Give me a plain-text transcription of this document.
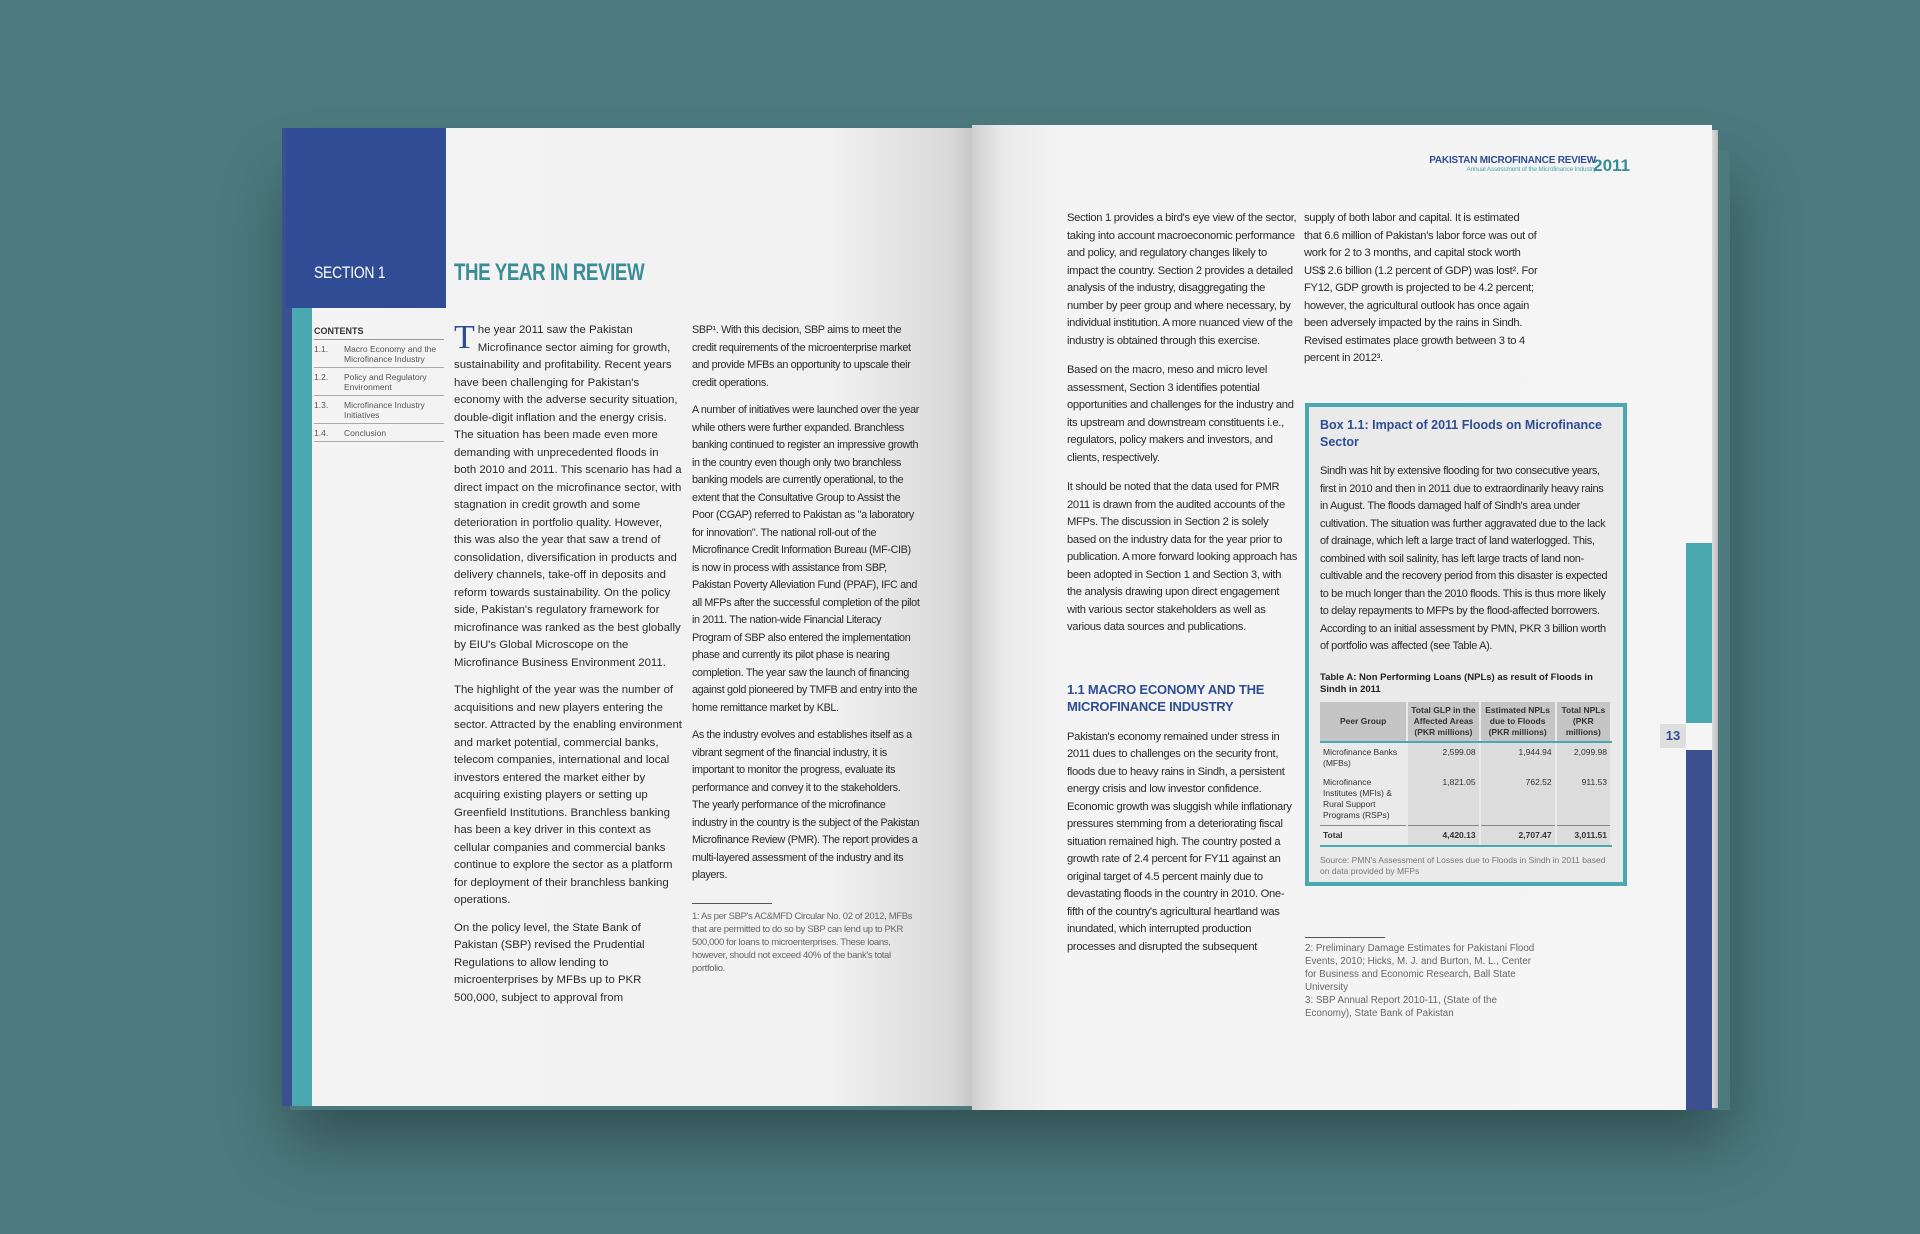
SECTION 1	THE YEAR IN REVIEW
CONTENTS
1.1.	Macro Economy and the Microfinance Industry
1.2.	Policy and Regulatory Environment
1.3.	Microfinance Industry Initiatives
1.4.	Conclusion

The year 2011 saw the Pakistan Microfinance sector aiming for growth, sustainability and profitability. Recent years have been challenging for Pakistan's economy with the adverse security situation, double-digit inflation and the energy crisis. The situation has been made even more demanding with unprecedented floods in both 2010 and 2011. This scenario has had a direct impact on the microfinance sector, with stagnation in credit growth and some deterioration in portfolio quality. However, this was also the year that saw a trend of consolidation, diversification in products and delivery channels, take-off in deposits and reform towards sustainability. On the policy side, Pakistan's regulatory framework for microfinance was ranked as the best globally by EIU's Global Microscope on the Microfinance Business Environment 2011.

The highlight of the year was the number of acquisitions and new players entering the sector. Attracted by the enabling environment and market potential, commercial banks, telecom companies, international and local investors entered the market either by acquiring existing players or setting up Greenfield Institutions. Branchless banking has been a key driver in this context as cellular companies and commercial banks continue to explore the sector as a platform for deployment of their branchless banking operations.

On the policy level, the State Bank of Pakistan (SBP) revised the Prudential Regulations to allow lending to microenterprises by MFBs up to PKR 500,000, subject to approval from

SBP¹. With this decision, SBP aims to meet the credit requirements of the microenterprise market and provide MFBs an opportunity to upscale their credit operations.

A number of initiatives were launched over the year while others were further expanded. Branchless banking continued to register an impressive growth in the country even though only two branchless banking models are currently operational, to the extent that the Consultative Group to Assist the Poor (CGAP) referred to Pakistan as "a laboratory for innovation". The national roll-out of the Microfinance Credit Information Bureau (MF-CIB) is now in process with assistance from SBP, Pakistan Poverty Alleviation Fund (PPAF), IFC and all MFPs after the successful completion of the pilot in 2011. The nation-wide Financial Literacy Program of SBP also entered the implementation phase and currently its pilot phase is nearing completion. The year saw the launch of financing against gold pioneered by TMFB and entry into the home remittance market by KBL.

As the industry evolves and establishes itself as a vibrant segment of the financial industry, it is important to monitor the progress, evaluate its performance and convey it to the stakeholders. The yearly performance of the microfinance industry in the country is the subject of the Pakistan Microfinance Review (PMR). The report provides a multi-layered assessment of the industry and its players.

1: As per SBP's AC&MFD Circular No. 02 of 2012, MFBs that are permitted to do so by SBP can lend up to PKR 500,000 for loans to microenterprises. These loans, however, should not exceed 40% of the bank's total portfolio.
PAKISTAN MICROFINANCE REVIEW
Annual Assessment of the Microfinance Industry
2011

Section 1 provides a bird's eye view of the sector, taking into account macroeconomic performance and policy, and regulatory changes likely to impact the country. Section 2 provides a detailed analysis of the industry, disaggregating the number by peer group and where necessary, by individual institution. A more nuanced view of the industry is obtained through this exercise.

Based on the macro, meso and micro level assessment, Section 3 identifies potential opportunities and challenges for the industry and its upstream and downstream constituents i.e., regulators, policy makers and investors, and clients, respectively.

It should be noted that the data used for PMR 2011 is drawn from the audited accounts of the MFPs. The discussion in Section 2 is solely based on the industry data for the year prior to publication. A more forward looking approach has been adopted in Section 1 and Section 3, with the analysis drawing upon direct engagement with various sector stakeholders as well as various data sources and publications.

1.1 MACRO ECONOMY AND THE MICROFINANCE INDUSTRY

Pakistan's economy remained under stress in 2011 dues to challenges on the security front, floods due to heavy rains in Sindh, a persistent energy crisis and low investor confidence. Economic growth was sluggish while inflationary pressures stemming from a deteriorating fiscal situation remained high. The country posted a growth rate of 2.4 percent for FY11 against an original target of 4.5 percent mainly due to devastating floods in the country in 2010. One-fifth of the country's agricultural heartland was inundated, which interrupted production processes and disrupted the subsequent

supply of both labor and capital. It is estimated that 6.6 million of Pakistan's labor force was out of work for 2 to 3 months, and capital stock worth US$ 2.6 billion (1.2 percent of GDP) was lost². For FY12, GDP growth is projected to be 4.2 percent; however, the agricultural outlook has once again been adversely impacted by the rains in Sindh. Revised estimates place growth between 3 to 4 percent in 2012³.

Box 1.1: Impact of 2011 Floods on Microfinance Sector
Sindh was hit by extensive flooding for two consecutive years, first in 2010 and then in 2011 due to extraordinarily heavy rains in August. The floods damaged half of Sindh's area under cultivation. The situation was further aggravated due to the lack of drainage, which left a large tract of land waterlogged. This, combined with soil salinity, has left large tracts of land non-cultivable and the recovery period from this disaster is expected to be much longer than the 2010 floods. This is thus more likely to delay repayments to MFPs by the flood-affected borrowers. According to an initial assessment by PMN, PKR 3 billion worth of portfolio was affected (see Table A).
Table A: Non Performing Loans (NPLs) as result of Floods in Sindh in 2011
Peer Group	Total GLP in the Affected Areas (PKR millions)	Estimated NPLs due to Floods (PKR millions)	Total NPLs (PKR millions)
Microfinance Banks (MFBs)	2,599.08	1,944.94	2,099.98
Microfinance Institutes (MFIs) & Rural Support Programs (RSPs)	1,821.05	762.52	911.53
Total	4,420.13	2,707.47	3,011.51
Source: PMN's Assessment of Losses due to Floods in Sindh in 2011 based on data provided by MFPs
2: Preliminary Damage Estimates for Pakistani Flood Events, 2010; Hicks, M. J. and Burton, M. L., Center for Business and Economic Research, Ball State University
3: SBP Annual Report 2010-11, (State of the Economy), State Bank of Pakistan
13
